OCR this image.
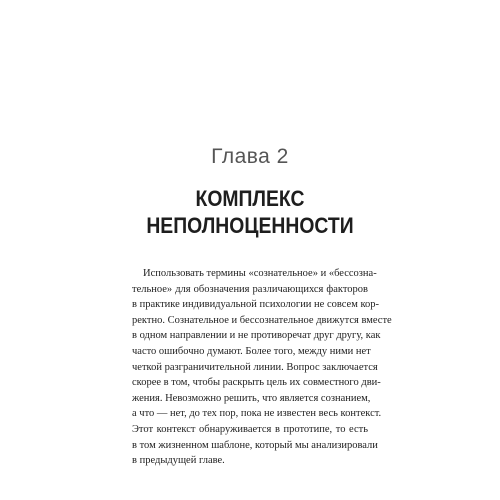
Глава 2
КОМПЛЕКС
НЕПОЛНОЦЕННОСТИ
Использовать термины «сознательное» и «бессозна-
тельное» для обозначения различающихся факторов
в практике индивидуальной психологии не совсем кор-
ректно. Сознательное и бессознательное движутся вместе
в одном направлении и не противоречат друг другу, как
часто ошибочно думают. Более того, между ними нет
четкой разграничительной линии. Вопрос заключается
скорее в том, чтобы раскрыть цель их совместного дви-
жения. Невозможно решить, что является сознанием,
а что — нет, до тех пор, пока не известен весь контекст.
Этот контекст обнаруживается в прототипе, то есть
в том жизненном шаблоне, который мы анализировали
в предыдущей главе.
